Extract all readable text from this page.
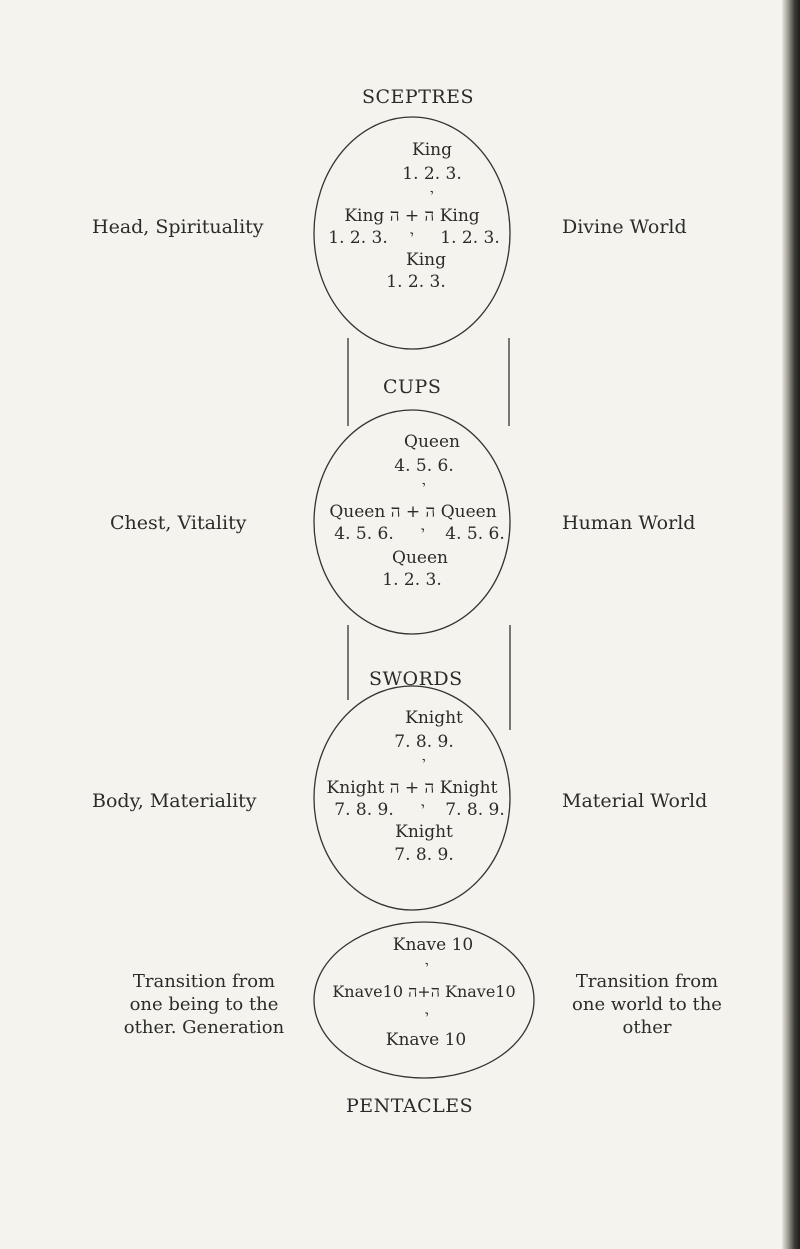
SCEPTRES
CUPS
SWORDS
PENTACLES
Head, Spirituality
Chest, Vitality
Body, Materiality
Transition from one being to the other. Generation
Divine World
Human World
Material World
Transition from one world to the other
King
1. 2. 3.
י
King ה + ה King
1. 2. 3. י 1. 2. 3.
King
1. 2. 3.
Queen
4. 5. 6.
י
Queen ה + ה Queen
4. 5. 6. י 4. 5. 6.
Queen
1. 2. 3.
Knight
7. 8. 9.
י
Knight ה + ה Knight
7. 8. 9. י 7. 8. 9.
Knight
7. 8. 9.
Knave 10
י
Knave10 ה+ה Knave10
י
Knave 10
